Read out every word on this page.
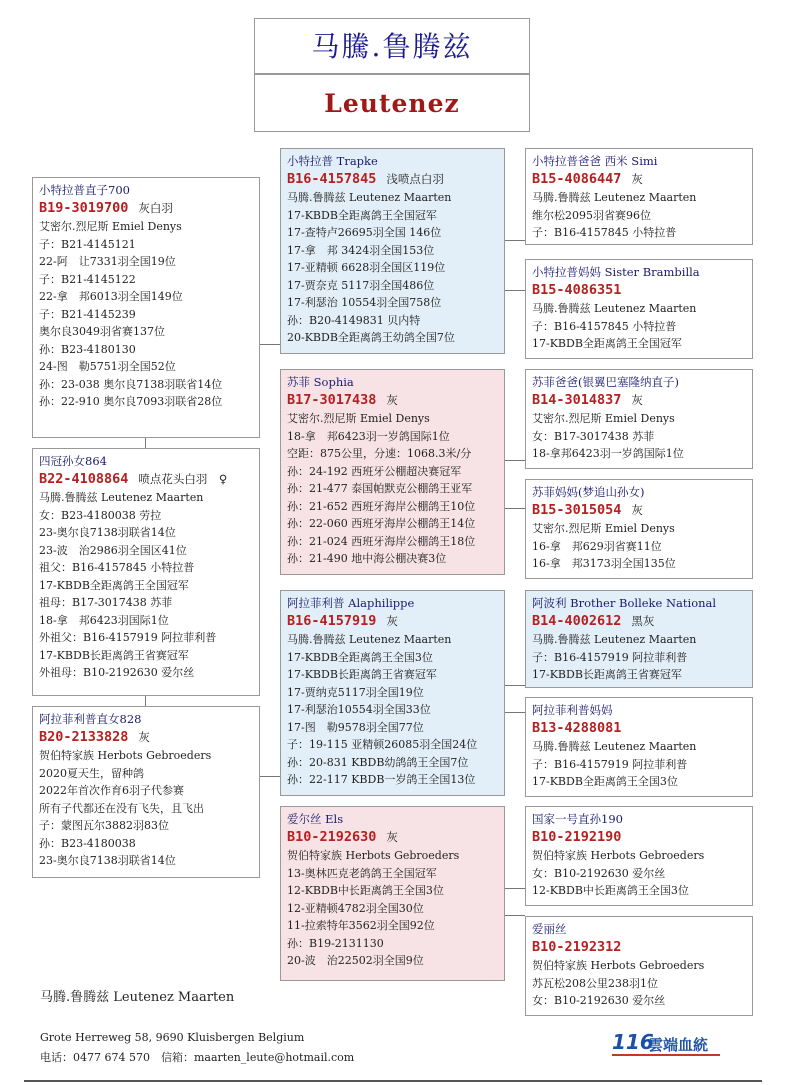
马騰.鲁腾兹
Leutenez
小特拉普直子700
B19-3019700 灰白羽
艾密尔.烈尼斯 Emiel Denys
子：B21-4145121
22-阿　让7331羽全国19位
子：B21-4145122
22-拿　邦6013羽全国149位
子：B21-4145239
奥尔良3049羽省赛137位
孙：B23-4180130
24-图　勒5751羽全国52位
孙：23-038 奥尔良7138羽联省14位
孙：22-910 奥尔良7093羽联省28位
四冠孙女864
B22-4108864 喷点花头白羽　♀
马腾.鲁腾兹 Leutenez Maarten
女：B23-4180038 劳拉
23-奥尔良7138羽联省14位
23-波　治2986羽全国区41位
祖父：B16-4157845 小特拉普
17-KBDB全距离鸽王全国冠军
祖母：B17-3017438 苏菲
18-拿　邦6423羽国际1位
外祖父：B16-4157919 阿拉菲利普
17-KBDB长距离鸽王省赛冠军
外祖母：B10-2192630 爱尔丝
阿拉菲利普直女828
B20-2133828 灰
贺伯特家族 Herbots Gebroeders
2020夏天生，留种鸽
2022年首次作育6羽子代参赛
所有子代都还在没有飞失，且飞出
子：蒙图瓦尔3882羽83位
孙：B23-4180038
23-奥尔良7138羽联省14位
小特拉普 Trapke
B16-4157845 浅喷点白羽
马腾.鲁腾兹 Leutenez Maarten
17-KBDB全距离鸽王全国冠军
17-查特卢26695羽全国 146位
17-拿　邦 3424羽全国153位
17-亚精顿 6628羽全国区119位
17-贾奈克 5117羽全国486位
17-利瑟治 10554羽全国758位
孙：B20-4149831 贝内特
20-KBDB全距离鸽王幼鸽全国7位
苏菲 Sophia
B17-3017438 灰
艾密尔.烈尼斯 Emiel Denys
18-拿　邦6423羽一岁鸽国际1位
空距：875公里，分速：1068.3米/分
孙：24-192 西班牙公棚超决赛冠军
孙：21-477 泰国帕默克公棚鸽王亚军
孙：21-652 西班牙海岸公棚鸽王10位
孙：22-060 西班牙海岸公棚鸽王14位
孙：21-024 西班牙海岸公棚鸽王18位
孙：21-490 地中海公棚决赛3位
阿拉菲利普 Alaphilippe
B16-4157919 灰
马腾.鲁腾兹 Leutenez Maarten
17-KBDB全距离鸽王全国3位
17-KBDB长距离鸽王省赛冠军
17-贾纳克5117羽全国19位
17-利瑟治10554羽全国33位
17-图　勒9578羽全国77位
子：19-115 亚精顿26085羽全国24位
孙：20-831 KBDB幼鸽鸽王全国7位
孙：22-117 KBDB一岁鸽王全国13位
爱尔丝 Els
B10-2192630 灰
贺伯特家族 Herbots Gebroeders
13-奥林匹克老鸽鸽王全国冠军
12-KBDB中长距离鸽王全国3位
12-亚精顿4782羽全国30位
11-拉索特年3562羽全国92位
孙：B19-2131130
20-波　治22502羽全国9位
小特拉普爸爸 西米 Simi
B15-4086447 灰
马腾.鲁腾兹 Leutenez Maarten
维尔松2095羽省赛96位
子：B16-4157845 小特拉普
小特拉普妈妈 Sister Brambilla
B15-4086351
马腾.鲁腾兹 Leutenez Maarten
子：B16-4157845 小特拉普
17-KBDB全距离鸽王全国冠军
苏菲爸爸(银翼巴塞隆纳直子)
B14-3014837 灰
艾密尔.烈尼斯 Emiel Denys
女：B17-3017438 苏菲
18-拿邦6423羽一岁鸽国际1位
苏菲妈妈(梦追山孙女)
B15-3015054 灰
艾密尔.烈尼斯 Emiel Denys
16-拿　邦629羽省赛11位
16-拿　邦3173羽全国135位
阿波利 Brother Bolleke National
B14-4002612 黑灰
马腾.鲁腾兹 Leutenez Maarten
子：B16-4157919 阿拉菲利普
17-KBDB长距离鸽王省赛冠军
阿拉菲利普妈妈
B13-4288081
马腾.鲁腾兹 Leutenez Maarten
子：B16-4157919 阿拉菲利普
17-KBDB全距离鸽王全国3位
国家一号直孙190
B10-2192190
贺伯特家族 Herbots Gebroeders
女：B10-2192630 爱尔丝
12-KBDB中长距离鸽王全国3位
爱丽丝
B10-2192312
贺伯特家族 Herbots Gebroeders
苏瓦松208公里238羽1位
女：B10-2192630 爱尔丝
马腾.鲁腾兹 Leutenez Maarten
Grote Herreweg 58, 9690 Kluisbergen Belgium
电话：0477 674 570　信箱：maarten_leute@hotmail.com
116
雲端血統
